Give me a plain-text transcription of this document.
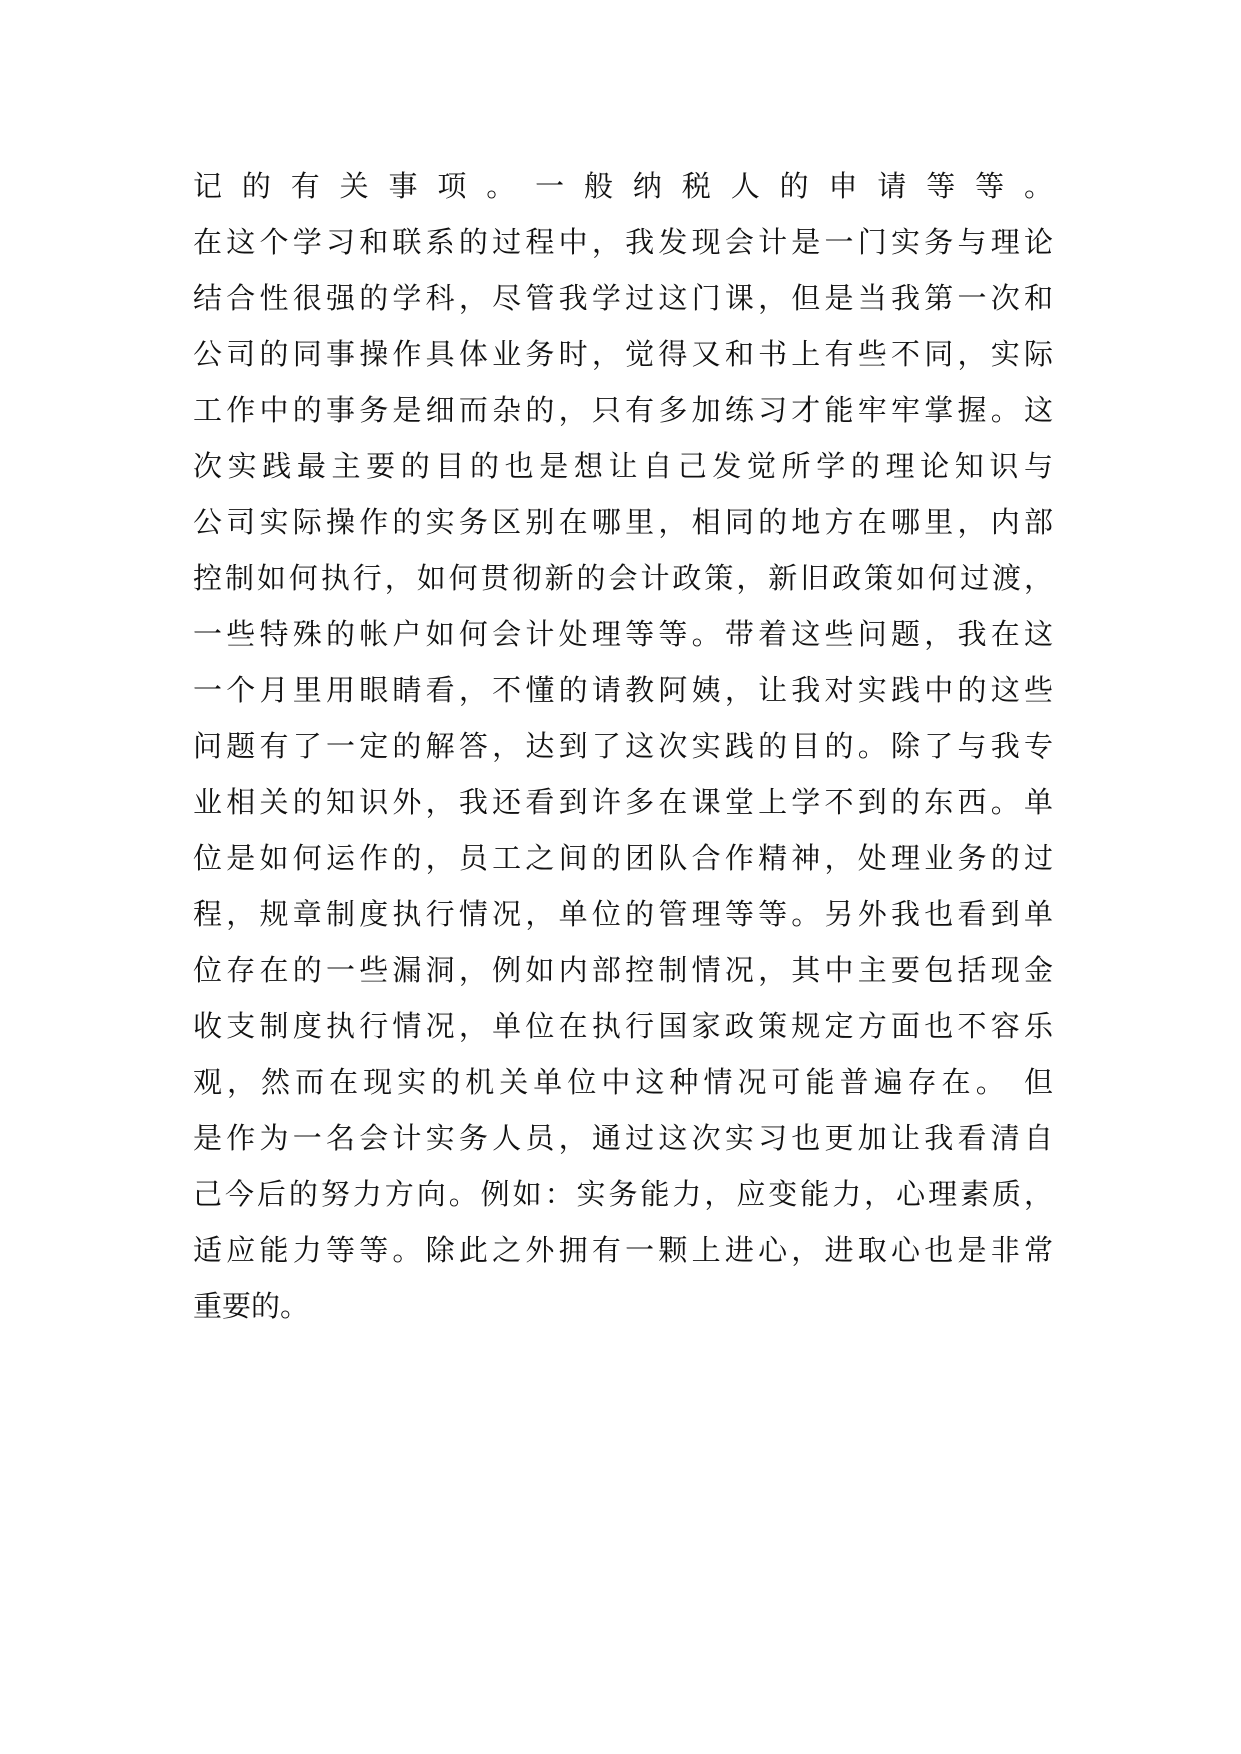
记的有关事项。一般纳税人的申请等等。
在这个学习和联系的过程中，我发现会计是一门实务与理论
结合性很强的学科，尽管我学过这门课，但是当我第一次和
公司的同事操作具体业务时，觉得又和书上有些不同，实际
工作中的事务是细而杂的，只有多加练习才能牢牢掌握。这
次实践最主要的目的也是想让自己发觉所学的理论知识与
公司实际操作的实务区别在哪里，相同的地方在哪里，内部
控制如何执行，如何贯彻新的会计政策，新旧政策如何过渡，
一些特殊的帐户如何会计处理等等。带着这些问题，我在这
一个月里用眼睛看，不懂的请教阿姨，让我对实践中的这些
问题有了一定的解答，达到了这次实践的目的。除了与我专
业相关的知识外，我还看到许多在课堂上学不到的东西。单
位是如何运作的，员工之间的团队合作精神，处理业务的过
程，规章制度执行情况，单位的管理等等。另外我也看到单
位存在的一些漏洞，例如内部控制情况，其中主要包括现金
收支制度执行情况，单位在执行国家政策规定方面也不容乐
观，然而在现实的机关单位中这种情况可能普遍存在。 但
是作为一名会计实务人员，通过这次实习也更加让我看清自
己今后的努力方向。例如：实务能力，应变能力，心理素质，
适应能力等等。除此之外拥有一颗上进心，进取心也是非常
重要的。
